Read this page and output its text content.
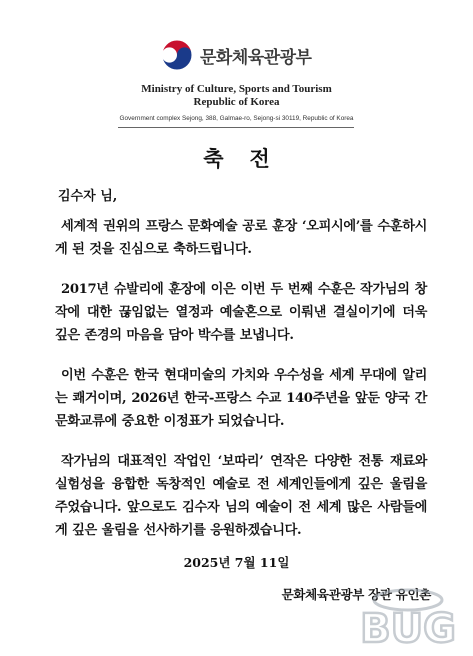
문화체육관광부
Ministry of Culture, Sports and Tourism
Republic of Korea
Government complex Sejong, 388, Galmae-ro, Sejong-si 30119, Republic of Korea
축전
김수자 님,

세계적 권위의 프랑스 문화예술 공로 훈장 ‘오피시에’를 수훈하시게 된 것을 진심으로 축하드립니다.

2017년 슈발리에 훈장에 이은 이번 두 번째 수훈은 작가님의 창작에 대한 끊임없는 열정과 예술혼으로 이뤄낸 결실이기에 더욱 깊은 존경의 마음을 담아 박수를 보냅니다.

이번 수훈은 한국 현대미술의 가치와 우수성을 세계 무대에 알리는 쾌거이며, 2026년 한국-프랑스 수교 140주년을 앞둔 양국 간 문화교류에 중요한 이정표가 되었습니다.

작가님의 대표적인 작업인 ‘보따리’ 연작은 다양한 전통 재료와 실험성을 융합한 독창적인 예술로 전 세계인들에게 깊은 울림을 주었습니다. 앞으로도 김수자 님의 예술이 전 세계 많은 사람들에게 깊은 울림을 선사하기를 응원하겠습니다.

2025년 7월 11일
문화체육관광부 장관 유인촌
BUG
